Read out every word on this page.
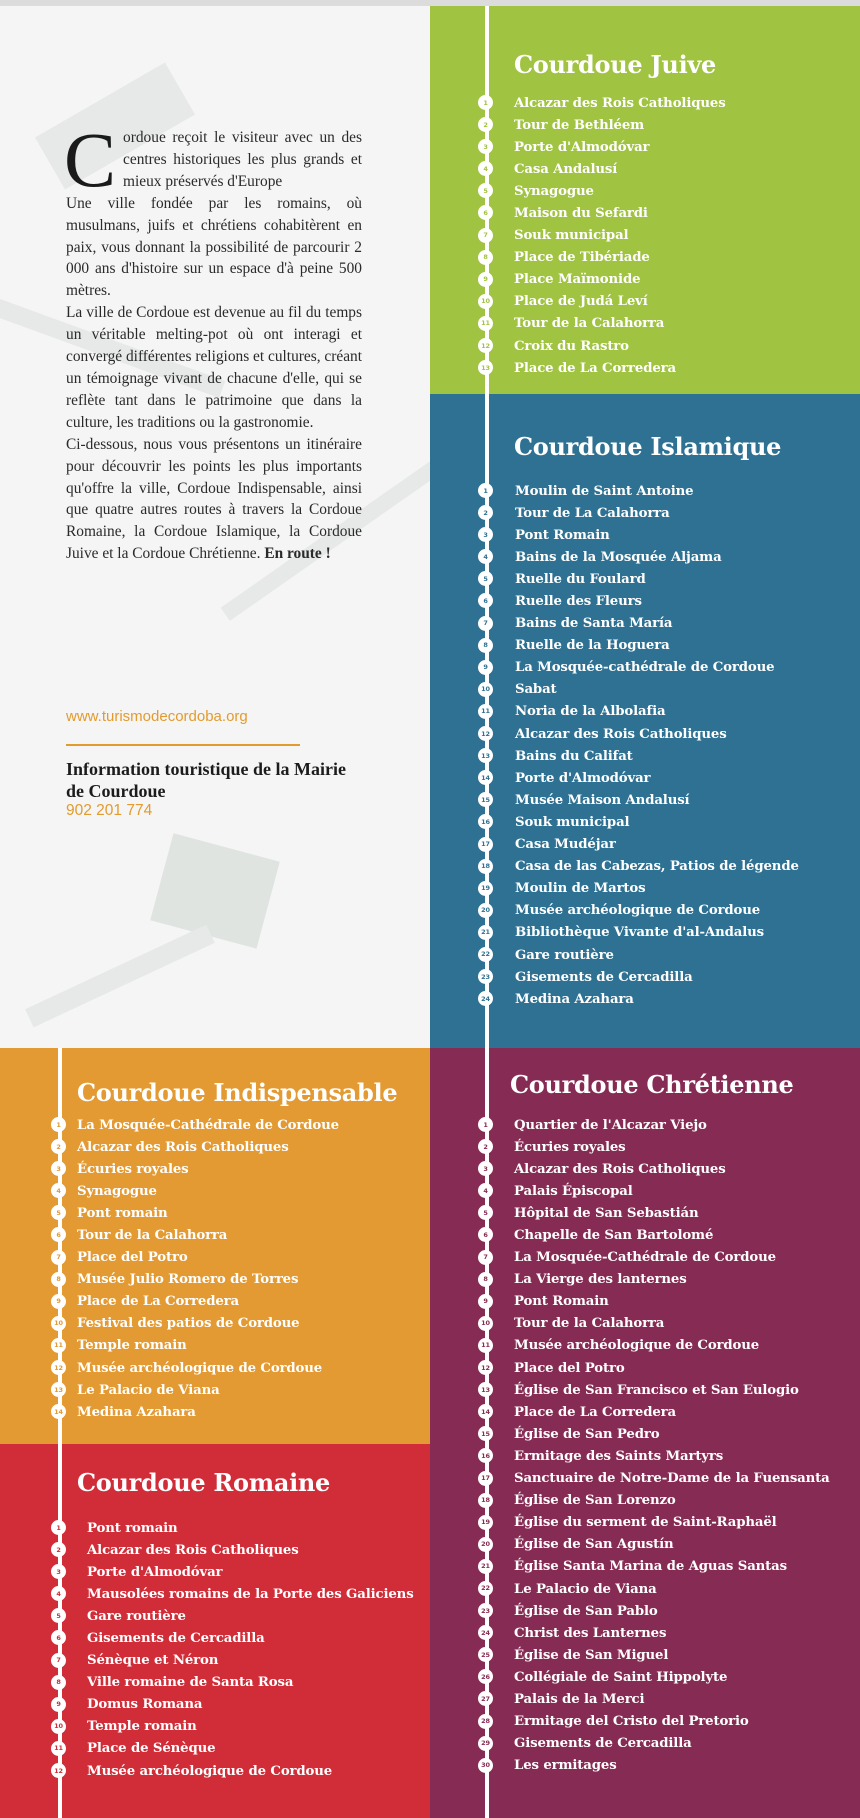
C ordoue reçoit le visiteur avec un des centres historiques les plus grands et mieux préservés d'Europe

Une ville fondée par les romains, où musulmans, juifs et chrétiens cohabitèrent en paix, vous donnant la possibilité de parcourir 2 000 ans d'histoire sur un espace d'à peine 500 mètres.

La ville de Cordoue est devenue au fil du temps un véritable melting-pot où ont interagi et convergé différentes religions et cultures, créant un témoignage vivant de chacune d'elle, qui se reflète tant dans le patrimoine que dans la culture, les traditions ou la gastronomie.

Ci-dessous, nous vous présentons un itinéraire pour découvrir les points les plus importants qu'offre la ville, Cordoue Indispensable, ainsi que quatre autres routes à travers la Cordoue Romaine, la Cordoue Islamique, la Cordoue Juive et la Cordoue Chrétienne. En route !

www.turismodecordoba.org
Information touristique de la Mairie de Courdoue
902 201 774
Courdoue Juive
1	Alcazar des Rois Catholiques
2	Tour de Bethléem
3	Porte d'Almodóvar
4	Casa Andalusí
5	Synagogue
6	Maison du Sefardi
7	Souk municipal
8	Place de Tibériade
9	Place Maïmonide
10 Place de Judá Leví
11 Tour de la Calahorra
12 Croix du Rastro
13 Place de La Corredera
Courdoue Islamique
1	Moulin de Saint Antoine
2	Tour de La Calahorra
3	Pont Romain
4	Bains de la Mosquée Aljama
5	Ruelle du Foulard
6	Ruelle des Fleurs
7	Bains de Santa María
8	Ruelle de la Hoguera
9	La Mosquée-cathédrale de Cordoue
10 Sabat
11 Noria de la Albolafia
12 Alcazar des Rois Catholiques
13 Bains du Califat
14 Porte d'Almodóvar
15 Musée Maison Andalusí
16 Souk municipal
17 Casa Mudéjar
18 Casa de las Cabezas, Patios de légende
19 Moulin de Martos
20 Musée archéologique de Cordoue
21 Bibliothèque Vivante d'al-Andalus
22 Gare routière
23 Gisements de Cercadilla
24 Medina Azahara
Courdoue Indispensable
1	La Mosquée-Cathédrale de Cordoue
2	Alcazar des Rois Catholiques
3	Écuries royales
4	Synagogue
5	Pont romain
6	Tour de la Calahorra
7	Place del Potro
8	Musée Julio Romero de Torres
9	Place de La Corredera
10 Festival des patios de Cordoue
11 Temple romain
12 Musée archéologique de Cordoue
13 Le Palacio de Viana
14 Medina Azahara
Courdoue Romaine
1	Pont romain
2	Alcazar des Rois Catholiques
3	Porte d'Almodóvar
4	Mausolées romains de la Porte des Galiciens
5	Gare routière
6	Gisements de Cercadilla
7	Sénèque et Néron
8	Ville romaine de Santa Rosa
9	Domus Romana
10 Temple romain
11 Place de Sénèque
12 Musée archéologique de Cordoue
Courdoue Chrétienne
1	Quartier de l'Alcazar Viejo
2	Écuries royales
3	Alcazar des Rois Catholiques
4	Palais Épiscopal
5	Hôpital de San Sebastián
6	Chapelle de San Bartolomé
7	La Mosquée-Cathédrale de Cordoue
8	La Vierge des lanternes
9	Pont Romain
10 Tour de la Calahorra
11 Musée archéologique de Cordoue
12 Place del Potro
13 Église de San Francisco et San Eulogio
14 Place de La Corredera
15 Église de San Pedro
16 Ermitage des Saints Martyrs
17 Sanctuaire de Notre-Dame de la Fuensanta
18 Église de San Lorenzo
19 Église du serment de Saint-Raphaël
20 Église de San Agustín
21 Église Santa Marina de Aguas Santas
22 Le Palacio de Viana
23 Église de San Pablo
24 Christ des Lanternes
25 Église de San Miguel
26 Collégiale de Saint Hippolyte
27 Palais de la Merci
28 Ermitage del Cristo del Pretorio
29 Gisements de Cercadilla
30 Les ermitages
